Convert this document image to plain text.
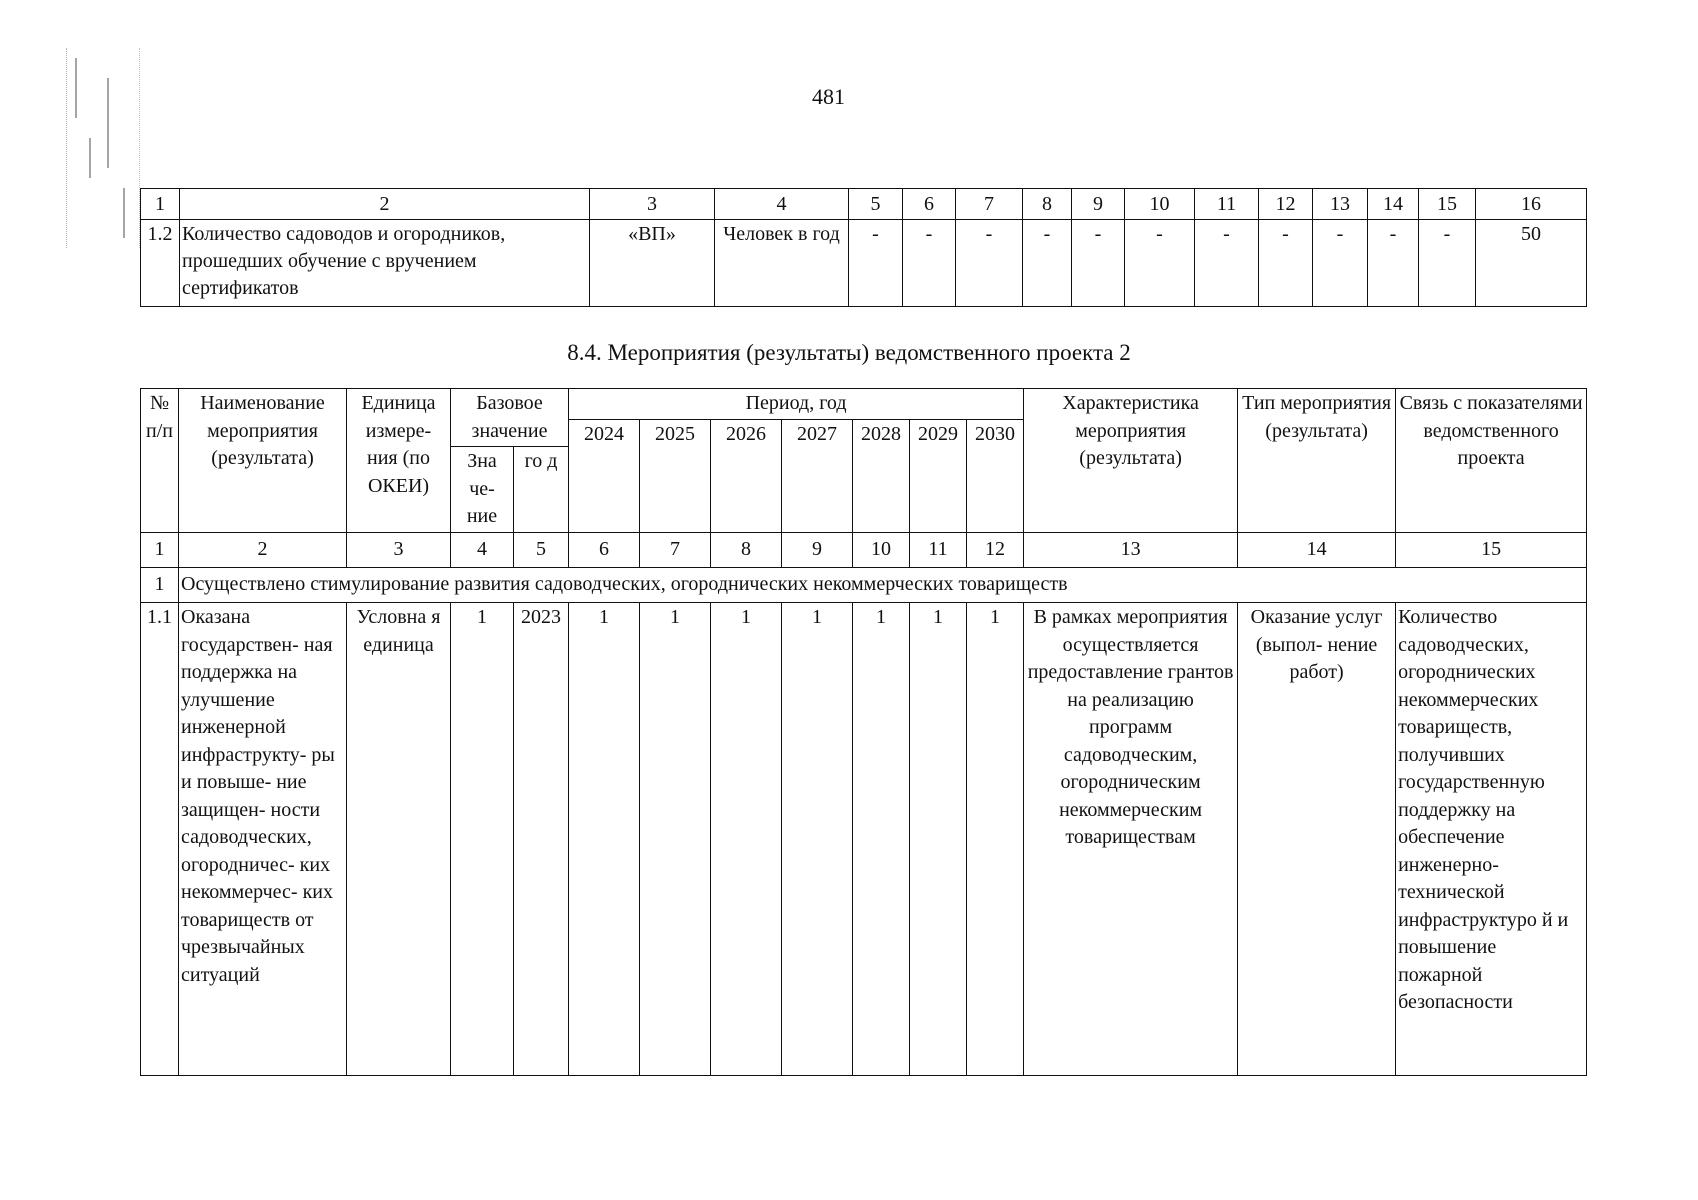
481
1	2	3	4	5	6	7	8	9	10	11	12	13	14	15	16
1.2	Количество садоводов и огородников, прошедших обучение с вручением сертификатов	«ВП»	Человек в год	-	-	-	-	-	-	-	-	-	-	-	50
8.4. Мероприятия (результаты) ведомственного проекта 2
№ п/п	Наименование мероприятия (результата)	Единица измере- ния (по ОКЕИ)	Базовое значение		Период, год							Характеристика мероприятия (результата)	Тип мероприятия (результата)	Связь с показателями ведомственного проекта
					2024	2025	2026	2027	2028	2029	2030			
			Зна че- ние	го д										
1	2	3	4	5	6	7	8	9	10	11	12	13	14	15
1	Осуществлено стимулирование развития садоводческих, огороднических некоммерческих товариществ													
1.1	Оказана государствен- ная поддержка на улучшение инженерной инфраструкту- ры и повыше- ние защищен- ности садоводческих, огородничес- ких некоммерчес- ких товариществ от чрезвычайных ситуаций	Условна я единица	1	2023	1	1	1	1	1	1	1	В рамках мероприятия осуществляется предоставление грантов на реализацию программ садоводческим, огородническим некоммерческим товариществам	Оказание услуг (выпол- нение работ)	Количество садоводческих, огороднических некоммерческих товариществ, получивших государственную поддержку на обеспечение инженерно- технической инфраструктуро й и повышение пожарной безопасности
